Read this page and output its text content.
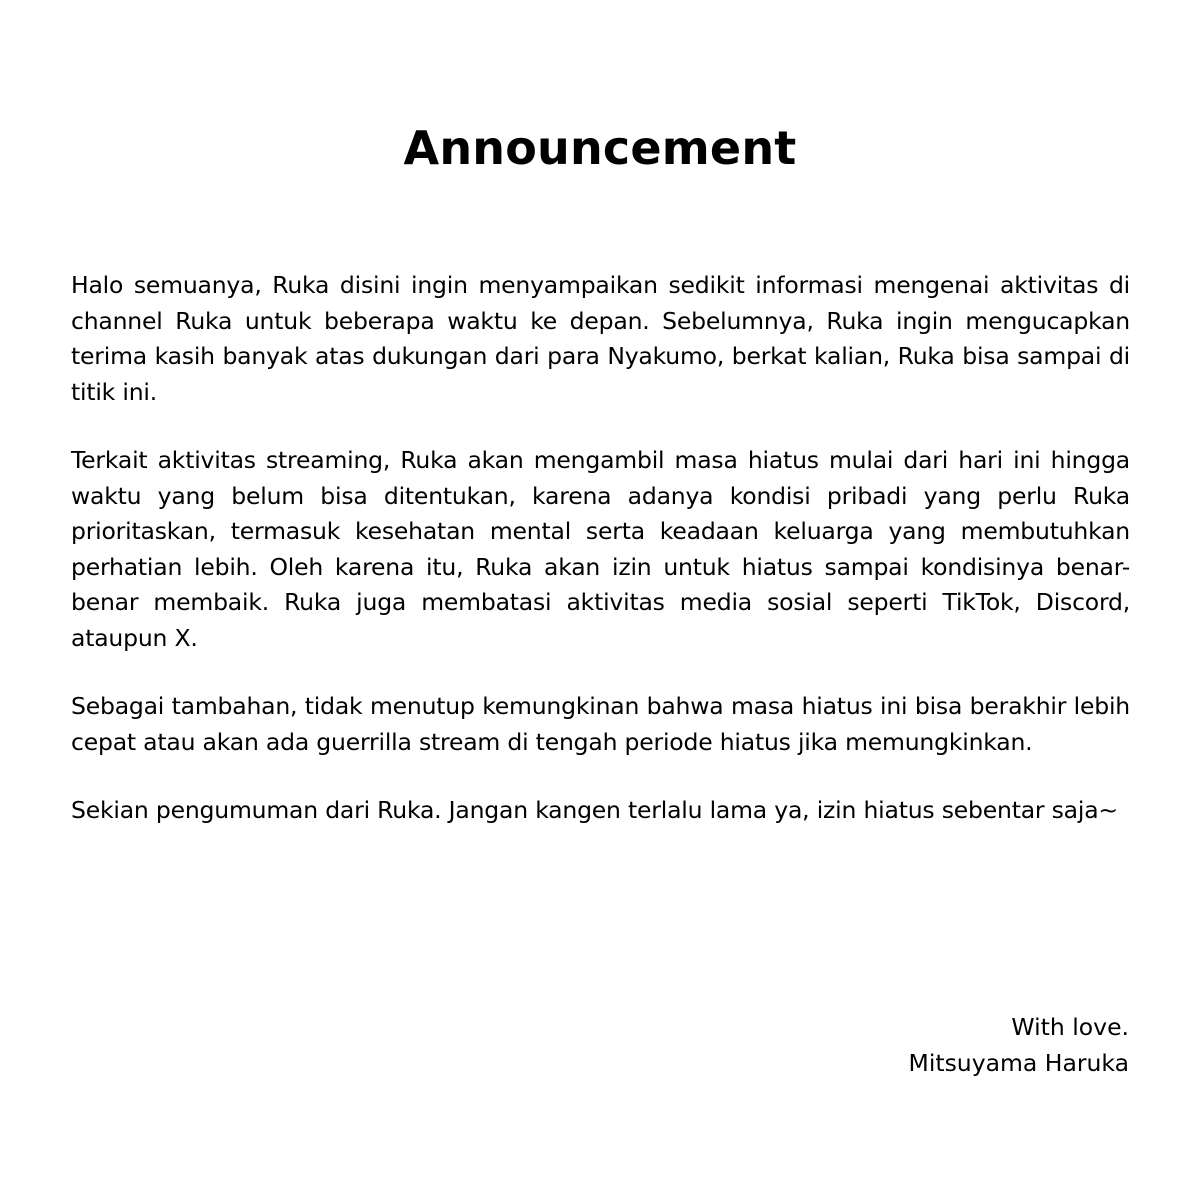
Announcement

Halo semuanya, Ruka disini ingin menyampaikan sedikit informasi mengenai aktivitas di channel Ruka untuk beberapa waktu ke depan. Sebelumnya, Ruka ingin mengucapkan terima kasih banyak atas dukungan dari para Nyakumo, berkat kalian, Ruka bisa sampai di titik ini.

Terkait aktivitas streaming, Ruka akan mengambil masa hiatus mulai dari hari ini hingga waktu yang belum bisa ditentukan, karena adanya kondisi pribadi yang perlu Ruka prioritaskan, termasuk kesehatan mental serta keadaan keluarga yang membutuhkan perhatian lebih. Oleh karena itu, Ruka akan izin untuk hiatus sampai kondisinya benar-benar membaik. Ruka juga membatasi aktivitas media sosial seperti TikTok, Discord, ataupun X.

Sebagai tambahan, tidak menutup kemungkinan bahwa masa hiatus ini bisa berakhir lebih cepat atau akan ada guerrilla stream di tengah periode hiatus jika memungkinkan.

Sekian pengumuman dari Ruka. Jangan kangen terlalu lama ya, izin hiatus sebentar saja~

With love.
Mitsuyama Haruka
